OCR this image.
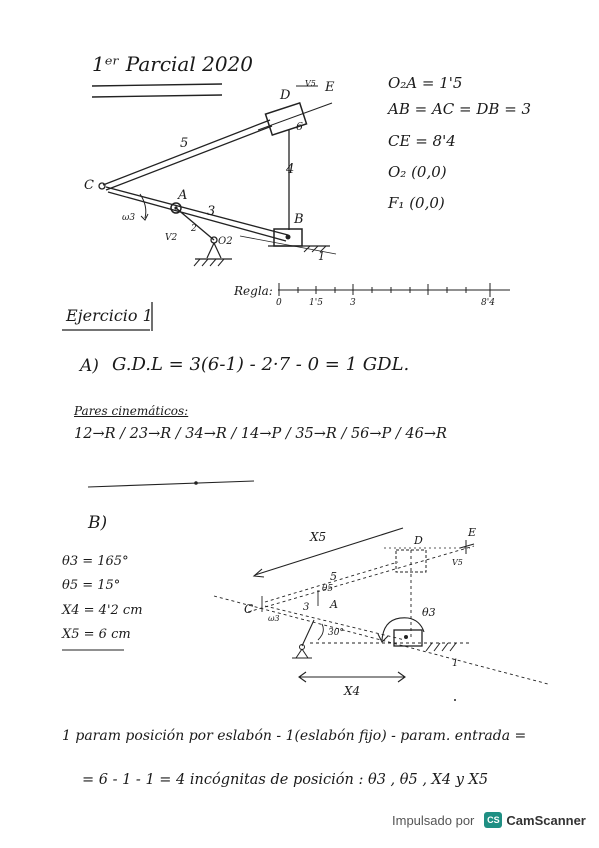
1ᵉʳ Parcial 2020
O₂A = 1'5
AB = AC = DB = 3
CE = 8'4
O₂ (0,0)
F₁ (0,0)
C
A
B
D
E
O2
3
4
5
6
1
ω3
V2
V5
2
Reglа:
0	1'5	3	8'4
Ejercicio 1
A) G.D.L = 3(6-1) - 2·7 - 0 = 1 GDL.
Pares cinemáticos:
12→R / 23→R / 34→R / 14→P / 35→R / 56→P / 46→R
B)
θ3 = 165°
θ5 = 15°
X4 = 4'2 cm
X5 = 6 cm
X5
X4
D
E
C	A
5
3
1
θ3
θ5
30°
V5
ω3
1 param posición por eslabón - 1(eslabón fijo) - param. entrada =
= 6 - 1 - 1 = 4 incógnitas de posición : θ3 , θ5 , X4 y X5
Impulsado por	CS CamScanner
